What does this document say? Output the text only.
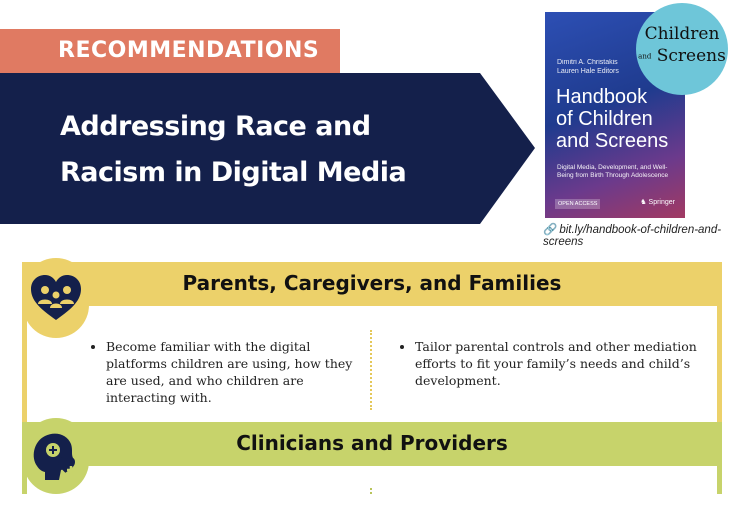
RECOMMENDATIONS
Addressing Race and
Racism in Digital Media
Dimitri A. Christakis
Lauren Hale Editors
Handbook
of Children
and Screens
Digital Media, Development, and Well-Being from Birth Through Adolescence
OPEN ACCESS	♞ Springer
Children
and Screens
🔗 bit.ly/handbook-of-children-and-screens
Parents, Caregivers, and Families
• Become familiar with the digital platforms children are using, how they are used, and who children are interacting with.
• Tailor parental controls and other mediation efforts to fit your family’s needs and child’s development.
Clinicians and Providers
